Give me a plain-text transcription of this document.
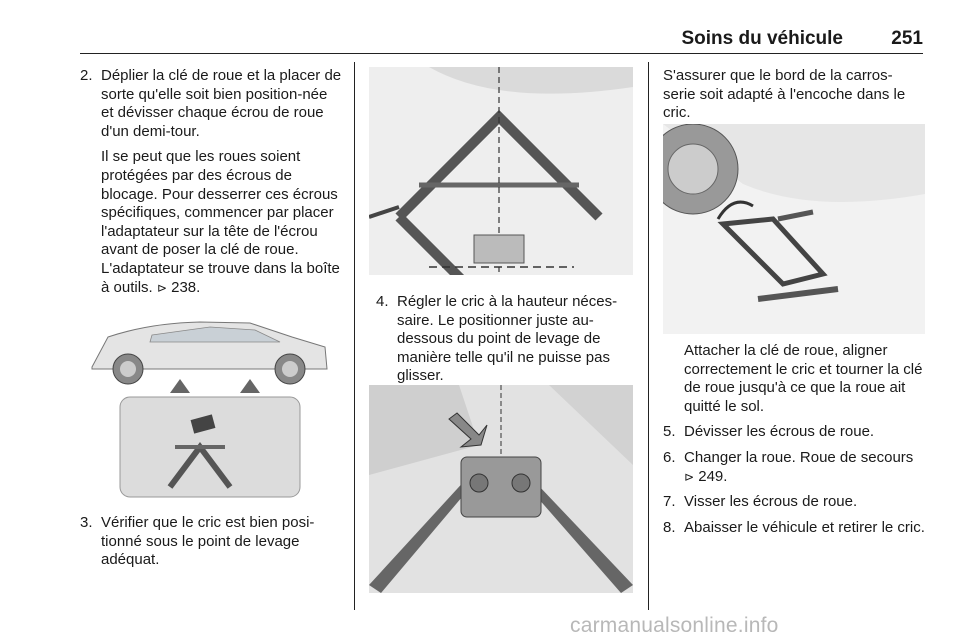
Soins du véhicule	251
2. Déplier la clé de roue et la placer de sorte qu'elle soit bien position-née et dévisser chaque écrou de roue d'un demi-tour.
Il se peut que les roues soient protégées par des écrous de blocage. Pour desserrer ces écrous spécifiques, commencer par placer l'adaptateur sur la tête de l'écrou avant de poser la clé de roue. L'adaptateur se trouve dans la boîte à outils. ⊳ 238.
3. Vérifier que le cric est bien posi-tionné sous le point de levage adéquat.
4. Régler le cric à la hauteur néces-saire. Le positionner juste au-dessous du point de levage de manière telle qu'il ne puisse pas glisser.
S'assurer que le bord de la carros-serie soit adapté à l'encoche dans le cric.
Attacher la clé de roue, aligner correctement le cric et tourner la clé de roue jusqu'à ce que la roue ait quitté le sol.
5. Dévisser les écrous de roue.
6. Changer la roue. Roue de secours ⊳ 249.
7. Visser les écrous de roue.
8. Abaisser le véhicule et retirer le cric.
carmanualsonline.info
